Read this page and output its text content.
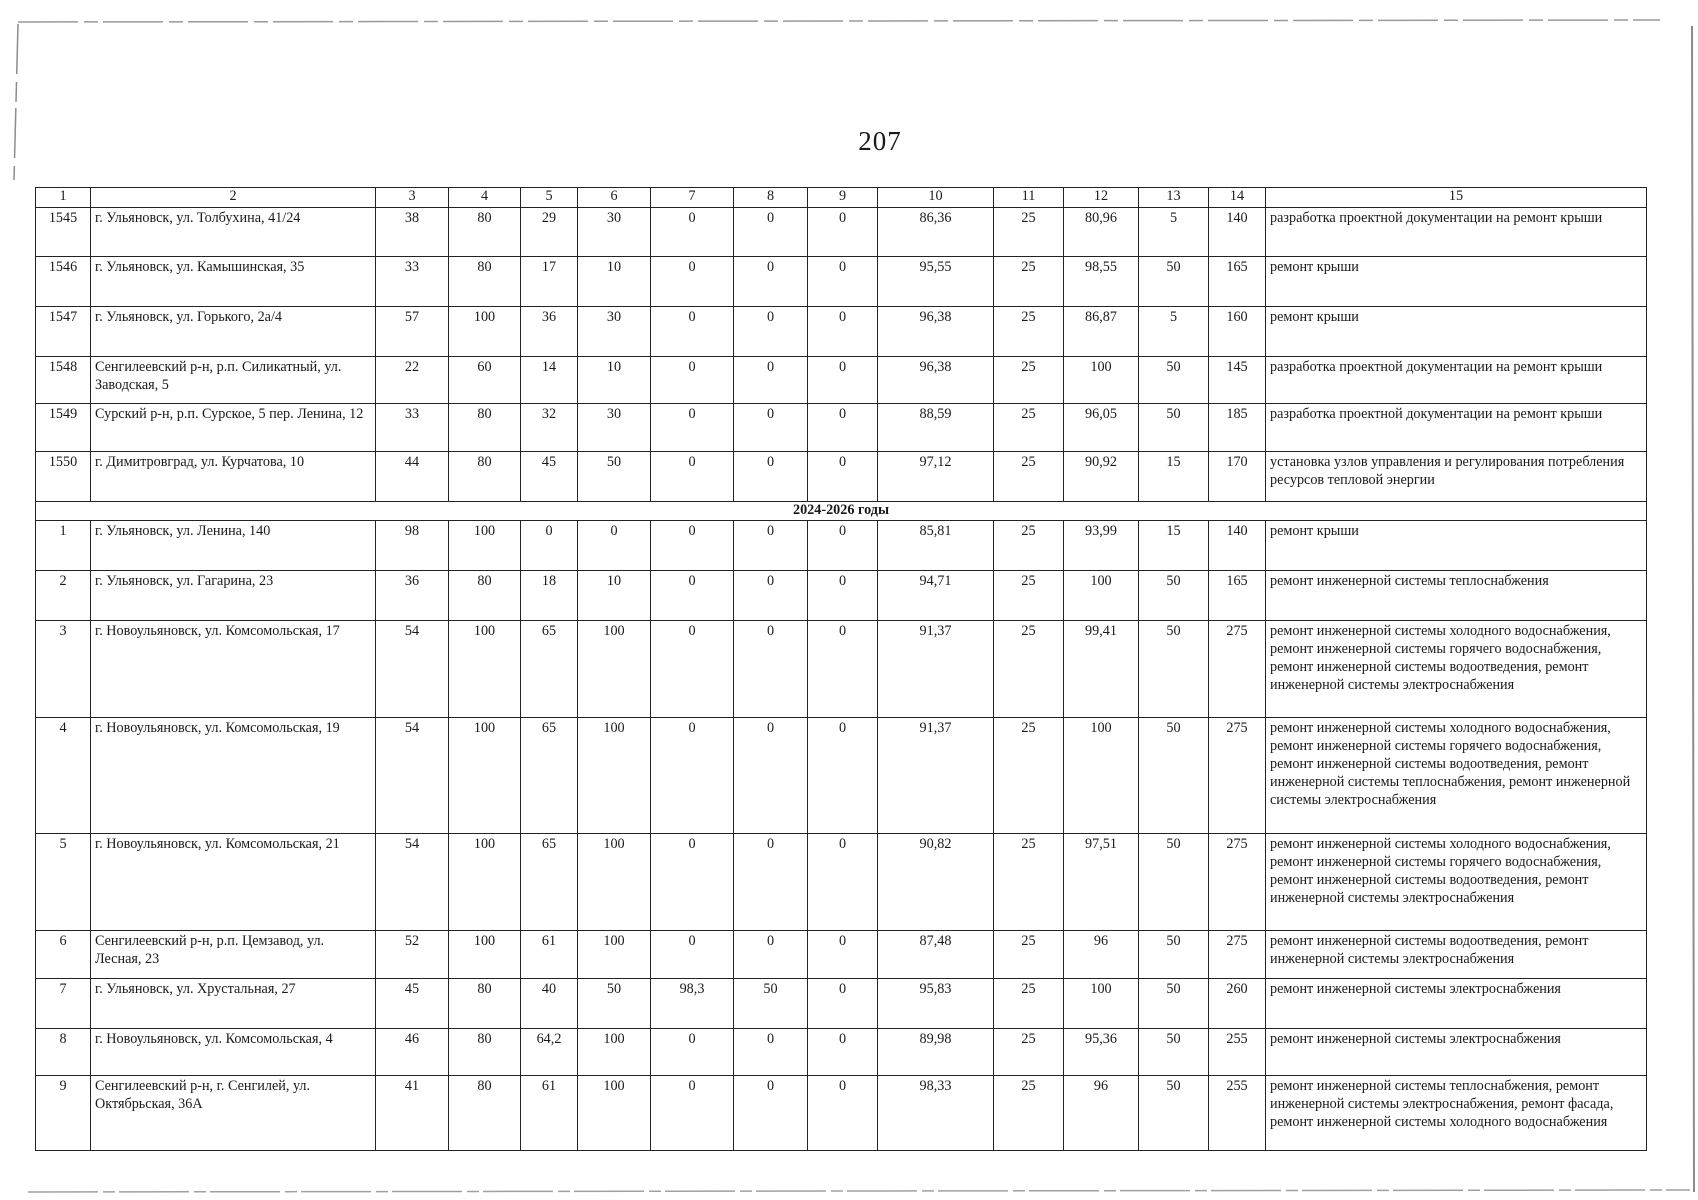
207
1	2	3	4	5	6	7	8	9	10	11	12	13	14	15
1545	г. Ульяновск, ул. Толбухина, 41/24	38	80	29	30	0	0	0	86,36	25	80,96	5	140	разработка проектной документации на ремонт крыши
1546	г. Ульяновск, ул. Камышинская, 35	33	80	17	10	0	0	0	95,55	25	98,55	50	165	ремонт крыши
1547	г. Ульяновск, ул. Горького, 2а/4	57	100	36	30	0	0	0	96,38	25	86,87	5	160	ремонт крыши
1548	Сенгилеевский р-н, р.п. Силикатный, ул. Заводская, 5	22	60	14	10	0	0	0	96,38	25	100	50	145	разработка проектной документации на ремонт крыши
1549	Сурский р-н, р.п. Сурское, 5 пер. Ленина, 12	33	80	32	30	0	0	0	88,59	25	96,05	50	185	разработка проектной документации на ремонт крыши
1550	г. Димитровград, ул. Курчатова, 10	44	80	45	50	0	0	0	97,12	25	90,92	15	170	установка узлов управления и регулирования потребления ресурсов тепловой энергии
2024-2026 годы														
1	г. Ульяновск, ул. Ленина, 140	98	100	0	0	0	0	0	85,81	25	93,99	15	140	ремонт крыши
2	г. Ульяновск, ул. Гагарина, 23	36	80	18	10	0	0	0	94,71	25	100	50	165	ремонт инженерной системы теплоснабжения
3	г. Новоульяновск, ул. Комсомольская, 17	54	100	65	100	0	0	0	91,37	25	99,41	50	275	ремонт инженерной системы холодного водоснабжения, ремонт инженерной системы горячего водоснабжения, ремонт инженерной системы водоотведения, ремонт инженерной системы электроснабжения
4	г. Новоульяновск, ул. Комсомольская, 19	54	100	65	100	0	0	0	91,37	25	100	50	275	ремонт инженерной системы холодного водоснабжения, ремонт инженерной системы горячего водоснабжения, ремонт инженерной системы водоотведения, ремонт инженерной системы теплоснабжения, ремонт инженерной системы электроснабжения
5	г. Новоульяновск, ул. Комсомольская, 21	54	100	65	100	0	0	0	90,82	25	97,51	50	275	ремонт инженерной системы холодного водоснабжения, ремонт инженерной системы горячего водоснабжения, ремонт инженерной системы водоотведения, ремонт инженерной системы электроснабжения
6	Сенгилеевский р-н, р.п. Цемзавод, ул. Лесная, 23	52	100	61	100	0	0	0	87,48	25	96	50	275	ремонт инженерной системы водоотведения, ремонт инженерной системы электроснабжения
7	г. Ульяновск, ул. Хрустальная, 27	45	80	40	50	98,3	50	0	95,83	25	100	50	260	ремонт инженерной системы электроснабжения
8	г. Новоульяновск, ул. Комсомольская, 4	46	80	64,2	100	0	0	0	89,98	25	95,36	50	255	ремонт инженерной системы электроснабжения
9	Сенгилеевский р-н, г. Сенгилей, ул. Октябрьская, 36А	41	80	61	100	0	0	0	98,33	25	96	50	255	ремонт инженерной системы теплоснабжения, ремонт инженерной системы электроснабжения, ремонт фасада, ремонт инженерной системы холодного водоснабжения
